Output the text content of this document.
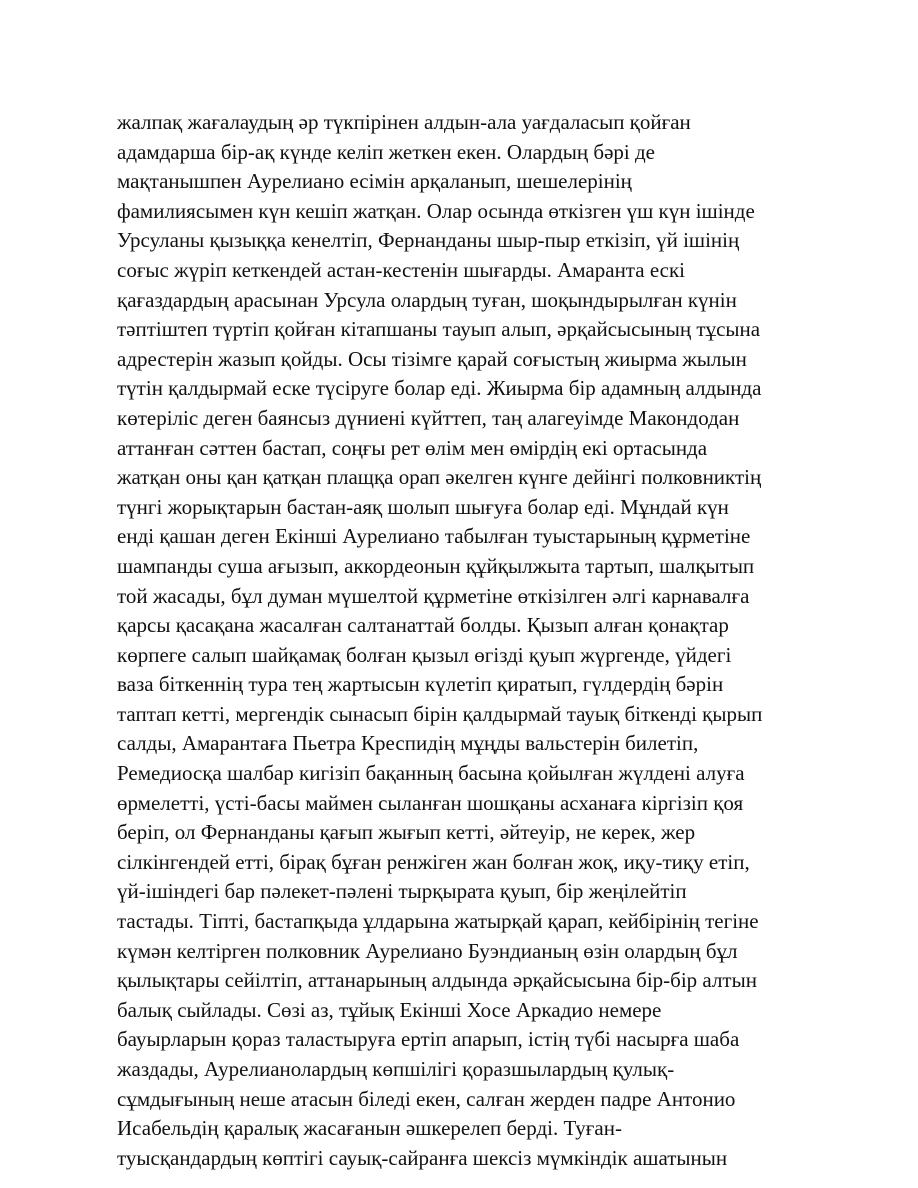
жалпақ жағалаудың әр түкпірінен алдын-ала уағдаласып қойған
адамдарша бір-ақ күнде келіп жеткен екен. Олардың бәрі де
мақтанышпен Аурелиано есімін арқаланып, шешелерінің
фамилиясымен күн кешіп жатқан. Олар осында өткізген үш күн ішінде
Урсуланы қызыққа кенелтіп, Фернанданы шыр-пыр еткізіп, үй ішінің
соғыс жүріп кеткендей астан-кестенін шығарды. Амаранта ескі
қағаздардың арасынан Урсула олардың туған, шоқындырылған күнін
тәптіштеп түртіп қойған кітапшаны тауып алып, әрқайсысының тұсына
адрестерін жазып қойды. Осы тізімге қарай соғыстың жиырма жылын
түтін қалдырмай еске түсіруге болар еді. Жиырма бір адамның алдында
көтеріліс деген баянсыз дүниені күйттеп, таң алагеуімде Макондодан
аттанған сәттен бастап, соңғы рет өлім мен өмірдің екі ортасында
жатқан оны қан қатқан плащқа орап әкелген күнге дейінгі полковниктің
түнгі жорықтарын бастан-аяқ шолып шығуға болар еді. Мұндай күн
енді қашан деген Екінші Аурелиано табылған туыстарының құрметіне
шампанды суша ағызып, аккордеонын құйқылжыта тартып, шалқытып
той жасады, бұл думан мүшелтой құрметіне өткізілген әлгі карнавалға
қарсы қасақана жасалған салтанаттай болды. Қызып алған қонақтар
көрпеге салып шайқамақ болған қызыл өгізді қуып жүргенде, үйдегі
ваза біткеннің тура тең жартысын күлетіп қиратып, гүлдердің бәрін
таптап кетті, мергендік сынасып бірін қалдырмай тауық біткенді қырып
салды, Амарантаға Пьетра Креспидің мұңды вальстерін билетіп,
Ремедиосқа шалбар кигізіп бақанның басына қойылған жүлдені алуға
өрмелетті, үсті-басы маймен сыланған шошқаны асханаға кіргізіп қоя
беріп, ол Фернанданы қағып жығып кетті, әйтеуір, не керек, жер
сілкінгендей етті, бірақ бұған ренжіген жан болған жоқ, иқу-тиқу етіп,
үй-ішіндегі бар пәлекет-пәлені тырқырата қуып, бір жеңілейтіп
тастады. Тіпті, бастапқыда ұлдарына жатырқай қарап, кейбірінің тегіне
күмән келтірген полковник Аурелиано Буэндианың өзін олардың бұл
қылықтары сейілтіп, аттанарының алдында әрқайсысына бір-бір алтын
балық сыйлады. Сөзі аз, тұйық Екінші Хосе Аркадио немере
бауырларын қораз таластыруға ертіп апарып, істің түбі насырға шаба
жаздады, Аурелианолардың көпшілігі қоразшылардың қулық-
сұмдығының неше атасын біледі екен, салған жерден падре Антонио
Исабельдің қаралық жасағанын әшкерелеп берді. Туған-
туысқандардың көптігі сауық-сайранға шексіз мүмкіндік ашатынын
